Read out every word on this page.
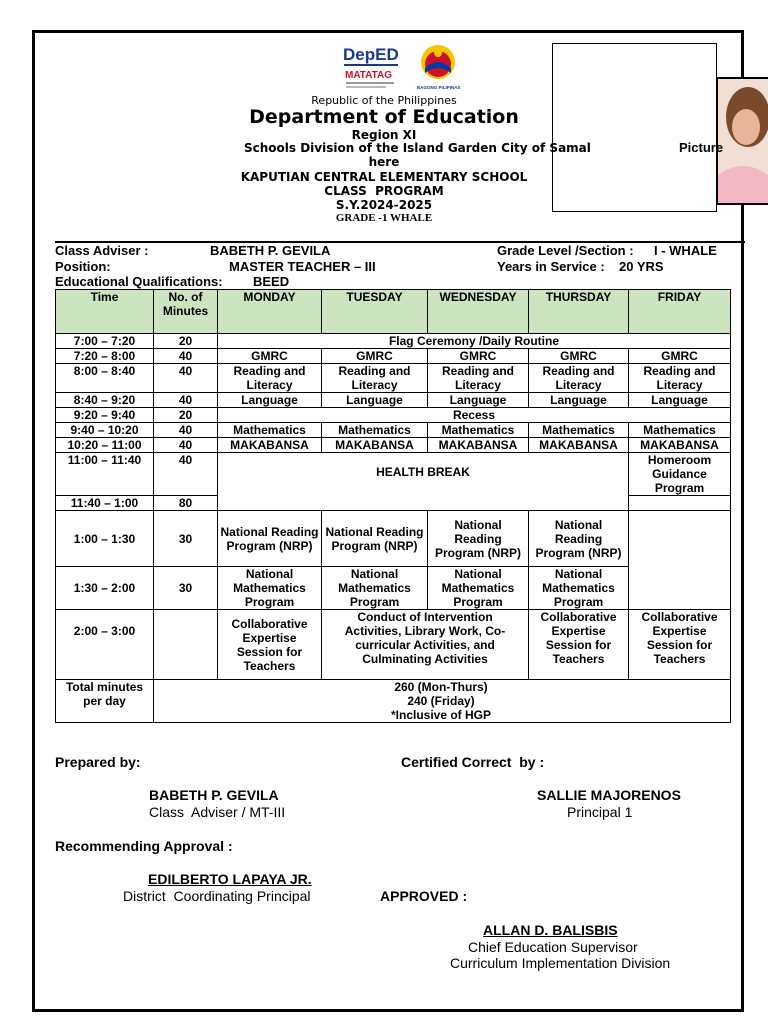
DepED
MATATAG
BAGONG PILIPINAS
Picture
Republic of the Philippines
Department of Education
Region XI
Schools Division of the Island Garden City of Samal
here
KAPUTIAN CENTRAL ELEMENTARY SCHOOL
CLASS  PROGRAM
S.Y.2024-2025
GRADE -1 WHALE
Class Adviser :	BABETH P. GEVILA	Grade Level /Section : I - WHALE
Position:	MASTER TEACHER – III	Years in Service : 20 YRS
Educational Qualifications: BEED
Time	No. of Minutes	MONDAY	TUESDAY	WEDNESDAY	THURSDAY	FRIDAY
7:00 – 7:20	20	Flag Ceremony /Daily Routine				
7:20 – 8:00	40	GMRC	GMRC	GMRC	GMRC	GMRC
8:00 – 8:40	40	Reading and Literacy	Reading and Literacy	Reading and Literacy	Reading and Literacy	Reading and Literacy
8:40 – 9:20	40	Language	Language	Language	Language	Language
9:20 – 9:40	20	Recess				
9:40 – 10:20	40	Mathematics	Mathematics	Mathematics	Mathematics	Mathematics
10:20 – 11:00	40	MAKABANSA	MAKABANSA	MAKABANSA	MAKABANSA	MAKABANSA
11:00 – 11:40	40	HEALTH BREAK				Homeroom Guidance Program
11:40 – 1:00	80					
1:00 – 1:30	30	National Reading Program (NRP)	National Reading Program (NRP)	National Reading Program (NRP)	National Reading Program (NRP)	
1:30 – 2:00	30	National Mathematics Program	National Mathematics Program	National Mathematics Program	National Mathematics Program	
2:00 – 3:00		Collaborative Expertise Session for Teachers	Conduct of Intervention Activities, Library Work, Co-curricular Activities, and Culminating Activities		Collaborative Expertise Session for Teachers	Collaborative Expertise Session for Teachers
Total minutes per day	260 (Mon-Thurs)
240 (Friday)
*Inclusive of HGP					
Prepared by:	Certified Correct  by :
BABETH P. GEVILA
Class  Adviser / MT-III
SALLIE MAJORENOS
Principal 1
Recommending Approval :
EDILBERTO LAPAYA JR.
District  Coordinating Principal	APPROVED :
ALLAN D. BALISBIS
Chief Education Supervisor
Curriculum Implementation Division
